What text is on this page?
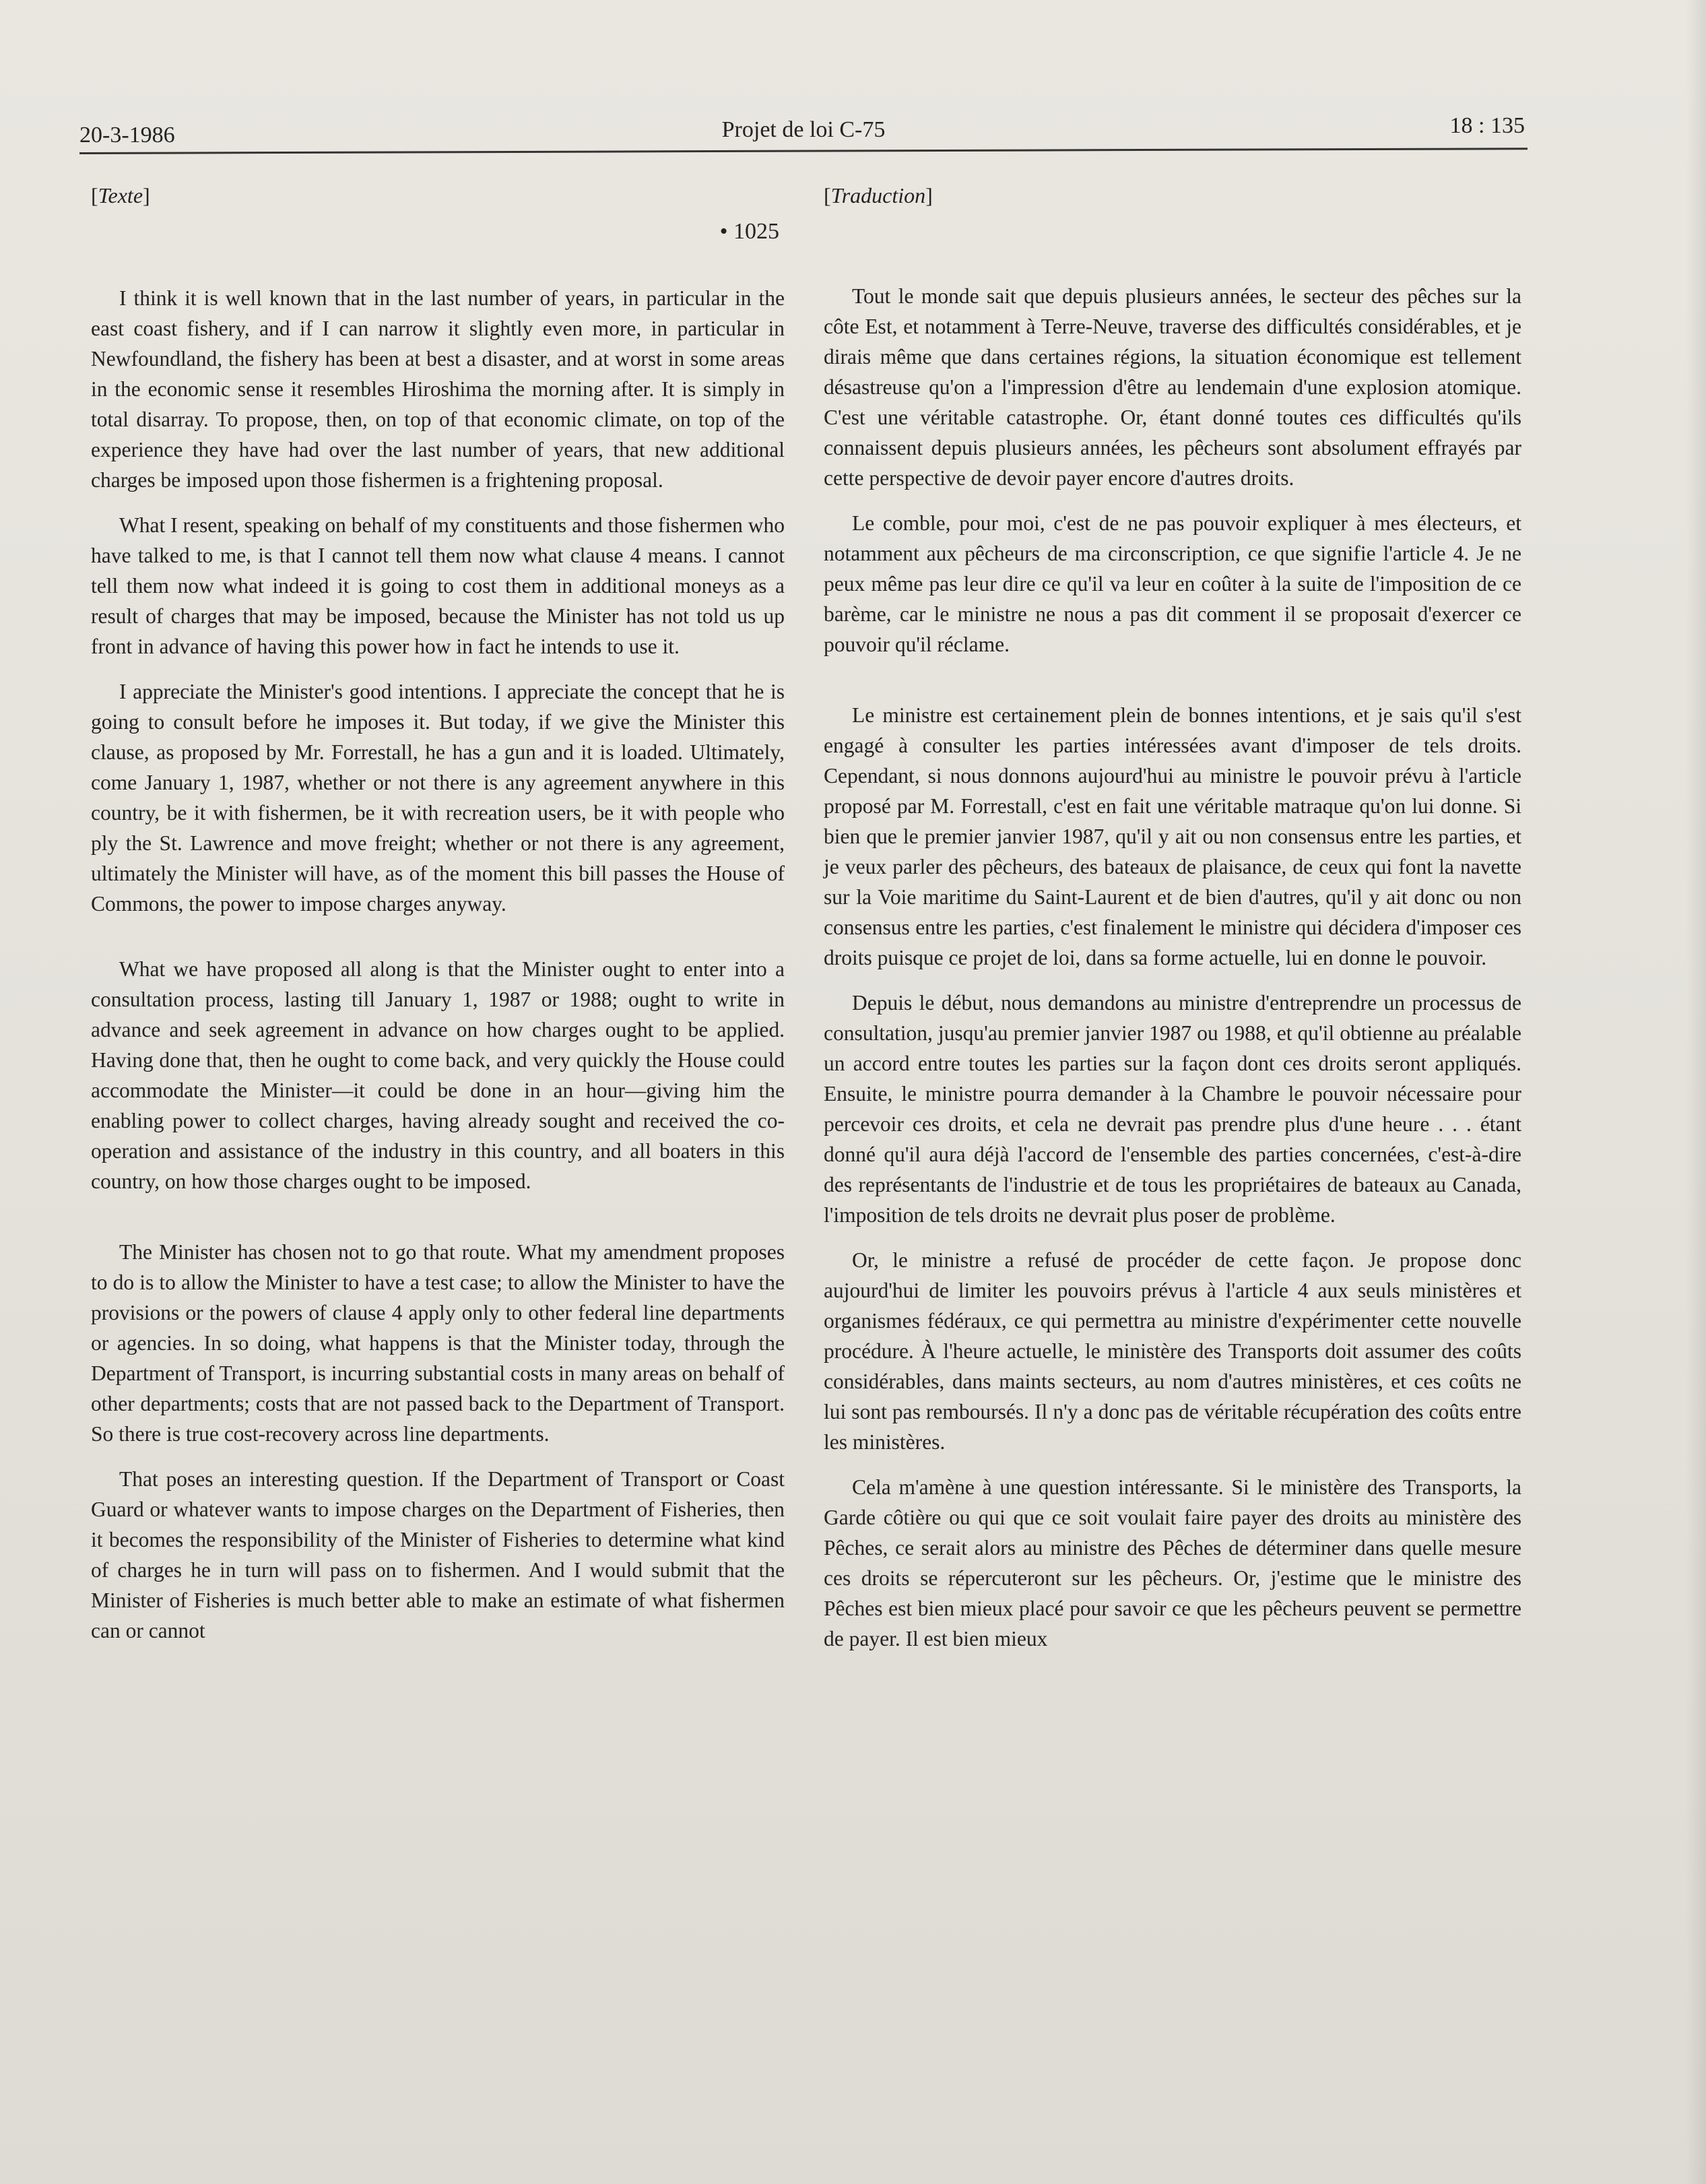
20-3-1986	Projet de loi C-75	18 : 135
[Texte]
• 1025

I think it is well known that in the last number of years, in particular in the east coast fishery, and if I can narrow it slightly even more, in particular in Newfoundland, the fishery has been at best a disaster, and at worst in some areas in the economic sense it resembles Hiroshima the morning after. It is simply in total disarray. To propose, then, on top of that economic climate, on top of the experience they have had over the last number of years, that new additional charges be imposed upon those fishermen is a frightening proposal.

What I resent, speaking on behalf of my constituents and those fishermen who have talked to me, is that I cannot tell them now what clause 4 means. I cannot tell them now what indeed it is going to cost them in additional moneys as a result of charges that may be imposed, because the Minister has not told us up front in advance of having this power how in fact he intends to use it.

I appreciate the Minister's good intentions. I appreciate the concept that he is going to consult before he imposes it. But today, if we give the Minister this clause, as proposed by Mr. Forrestall, he has a gun and it is loaded. Ultimately, come January 1, 1987, whether or not there is any agreement anywhere in this country, be it with fishermen, be it with recreation users, be it with people who ply the St. Lawrence and move freight; whether or not there is any agreement, ultimately the Minister will have, as of the moment this bill passes the House of Commons, the power to impose charges anyway.

What we have proposed all along is that the Minister ought to enter into a consultation process, lasting till January 1, 1987 or 1988; ought to write in advance and seek agreement in advance on how charges ought to be applied. Having done that, then he ought to come back, and very quickly the House could accommodate the Minister—it could be done in an hour—giving him the enabling power to collect charges, having already sought and received the co-operation and assistance of the industry in this country, and all boaters in this country, on how those charges ought to be imposed.

The Minister has chosen not to go that route. What my amendment proposes to do is to allow the Minister to have a test case; to allow the Minister to have the provisions or the powers of clause 4 apply only to other federal line departments or agencies. In so doing, what happens is that the Minister today, through the Department of Transport, is incurring substantial costs in many areas on behalf of other departments; costs that are not passed back to the Department of Transport. So there is true cost-recovery across line departments.

That poses an interesting question. If the Department of Transport or Coast Guard or whatever wants to impose charges on the Department of Fisheries, then it becomes the responsibility of the Minister of Fisheries to determine what kind of charges he in turn will pass on to fishermen. And I would submit that the Minister of Fisheries is much better able to make an estimate of what fishermen can or cannot

[Traduction]

Tout le monde sait que depuis plusieurs années, le secteur des pêches sur la côte Est, et notamment à Terre-Neuve, traverse des difficultés considérables, et je dirais même que dans certaines régions, la situation économique est tellement désastreuse qu'on a l'impression d'être au lendemain d'une explosion atomique. C'est une véritable catastrophe. Or, étant donné toutes ces difficultés qu'ils connaissent depuis plusieurs années, les pêcheurs sont absolument effrayés par cette perspective de devoir payer encore d'autres droits.

Le comble, pour moi, c'est de ne pas pouvoir expliquer à mes électeurs, et notamment aux pêcheurs de ma circonscription, ce que signifie l'article 4. Je ne peux même pas leur dire ce qu'il va leur en coûter à la suite de l'imposition de ce barème, car le ministre ne nous a pas dit comment il se proposait d'exercer ce pouvoir qu'il réclame.

Le ministre est certainement plein de bonnes intentions, et je sais qu'il s'est engagé à consulter les parties intéressées avant d'imposer de tels droits. Cependant, si nous donnons aujourd'hui au ministre le pouvoir prévu à l'article proposé par M. Forrestall, c'est en fait une véritable matraque qu'on lui donne. Si bien que le premier janvier 1987, qu'il y ait ou non consensus entre les parties, et je veux parler des pêcheurs, des bateaux de plaisance, de ceux qui font la navette sur la Voie maritime du Saint-Laurent et de bien d'autres, qu'il y ait donc ou non consensus entre les parties, c'est finalement le ministre qui décidera d'imposer ces droits puisque ce projet de loi, dans sa forme actuelle, lui en donne le pouvoir.

Depuis le début, nous demandons au ministre d'entreprendre un processus de consultation, jusqu'au premier janvier 1987 ou 1988, et qu'il obtienne au préalable un accord entre toutes les parties sur la façon dont ces droits seront appliqués. Ensuite, le ministre pourra demander à la Chambre le pouvoir nécessaire pour percevoir ces droits, et cela ne devrait pas prendre plus d'une heure . . . étant donné qu'il aura déjà l'accord de l'ensemble des parties concernées, c'est-à-dire des représentants de l'industrie et de tous les propriétaires de bateaux au Canada, l'imposition de tels droits ne devrait plus poser de problème.

Or, le ministre a refusé de procéder de cette façon. Je propose donc aujourd'hui de limiter les pouvoirs prévus à l'article 4 aux seuls ministères et organismes fédéraux, ce qui permettra au ministre d'expérimenter cette nouvelle procédure. À l'heure actuelle, le ministère des Transports doit assumer des coûts considérables, dans maints secteurs, au nom d'autres ministères, et ces coûts ne lui sont pas remboursés. Il n'y a donc pas de véritable récupération des coûts entre les ministères.

Cela m'amène à une question intéressante. Si le ministère des Transports, la Garde côtière ou qui que ce soit voulait faire payer des droits au ministère des Pêches, ce serait alors au ministre des Pêches de déterminer dans quelle mesure ces droits se répercuteront sur les pêcheurs. Or, j'estime que le ministre des Pêches est bien mieux placé pour savoir ce que les pêcheurs peuvent se permettre de payer. Il est bien mieux
